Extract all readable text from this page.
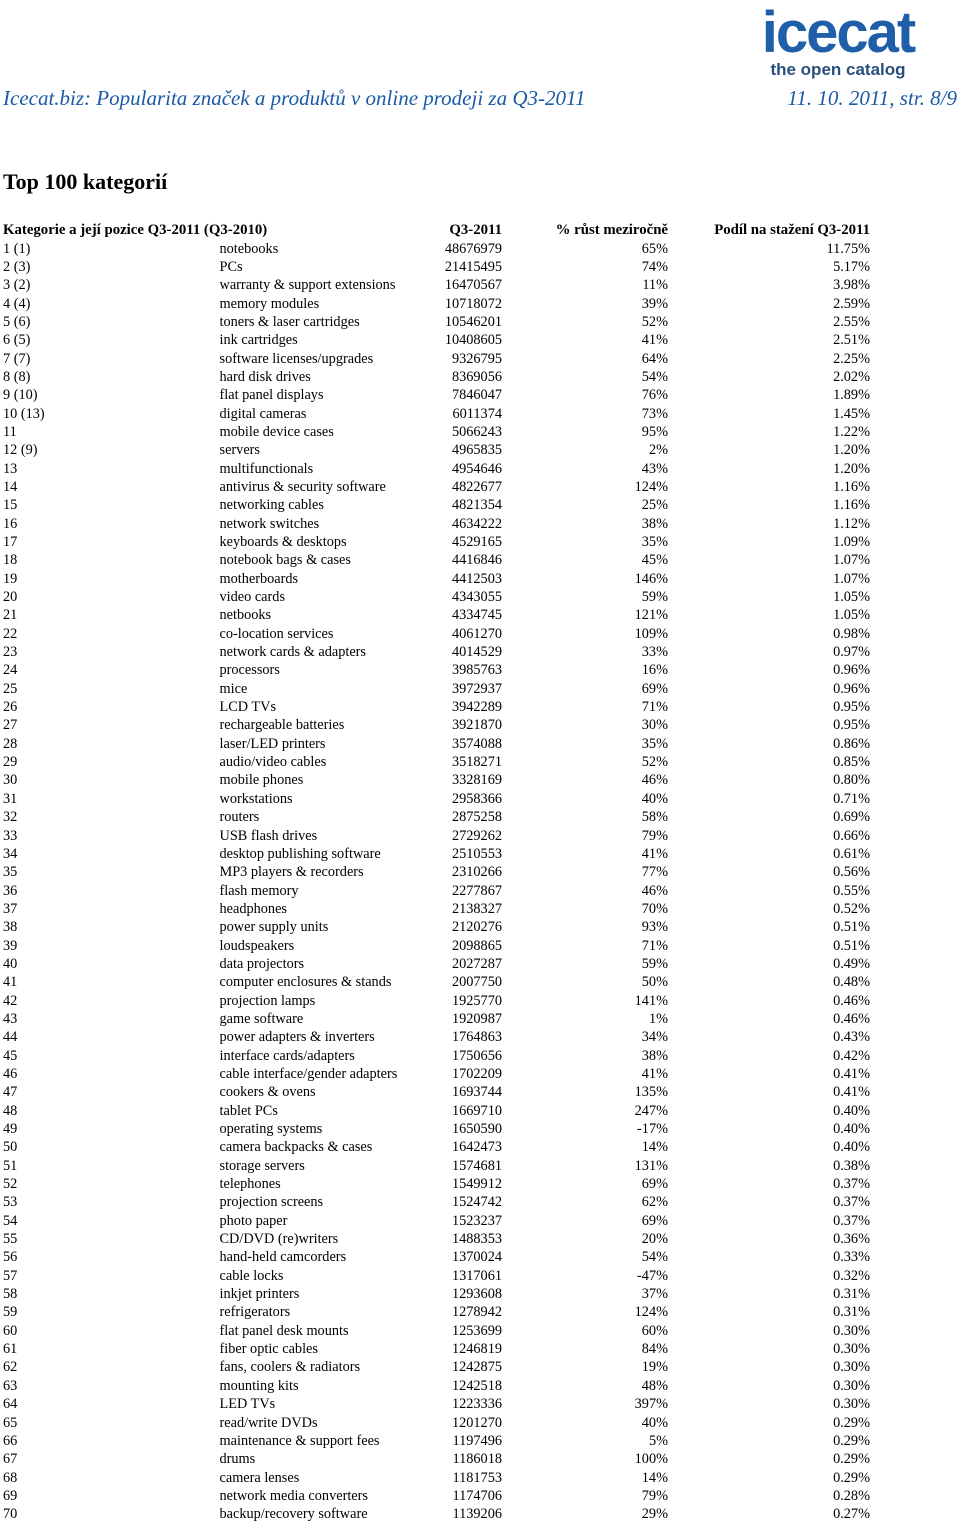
icecat
the open catalog
Icecat.biz: Popularita značek a produktů v online prodeji za Q3-2011	11. 10. 2011, str. 8/9
Top 100 kategorií
Kategorie a její pozice Q3-2011 (Q3-2010)		Q3-2011	% růst meziročně	Podíl na stažení Q3-2011

1 (1)	notebooks	48676979	65%	11.75%
2 (3)	PCs	21415495	74%	5.17%
3 (2)	warranty & support extensions	16470567	11%	3.98%
4 (4)	memory modules	10718072	39%	2.59%
5 (6)	toners & laser cartridges	10546201	52%	2.55%
6 (5)	ink cartridges	10408605	41%	2.51%
7 (7)	software licenses/upgrades	9326795	64%	2.25%
8 (8)	hard disk drives	8369056	54%	2.02%
9 (10)	flat panel displays	7846047	76%	1.89%
10 (13)	digital cameras	6011374	73%	1.45%
11	mobile device cases	5066243	95%	1.22%
12 (9)	servers	4965835	2%	1.20%
13	multifunctionals	4954646	43%	1.20%
14	antivirus & security software	4822677	124%	1.16%
15	networking cables	4821354	25%	1.16%
16	network switches	4634222	38%	1.12%
17	keyboards & desktops	4529165	35%	1.09%
18	notebook bags & cases	4416846	45%	1.07%
19	motherboards	4412503	146%	1.07%
20	video cards	4343055	59%	1.05%
21	netbooks	4334745	121%	1.05%
22	co-location services	4061270	109%	0.98%
23	network cards & adapters	4014529	33%	0.97%
24	processors	3985763	16%	0.96%
25	mice	3972937	69%	0.96%
26	LCD TVs	3942289	71%	0.95%
27	rechargeable batteries	3921870	30%	0.95%
28	laser/LED printers	3574088	35%	0.86%
29	audio/video cables	3518271	52%	0.85%
30	mobile phones	3328169	46%	0.80%
31	workstations	2958366	40%	0.71%
32	routers	2875258	58%	0.69%
33	USB flash drives	2729262	79%	0.66%
34	desktop publishing software	2510553	41%	0.61%
35	MP3 players & recorders	2310266	77%	0.56%
36	flash memory	2277867	46%	0.55%
37	headphones	2138327	70%	0.52%
38	power supply units	2120276	93%	0.51%
39	loudspeakers	2098865	71%	0.51%
40	data projectors	2027287	59%	0.49%
41	computer enclosures & stands	2007750	50%	0.48%
42	projection lamps	1925770	141%	0.46%
43	game software	1920987	1%	0.46%
44	power adapters & inverters	1764863	34%	0.43%
45	interface cards/adapters	1750656	38%	0.42%
46	cable interface/gender adapters	1702209	41%	0.41%
47	cookers & ovens	1693744	135%	0.41%
48	tablet PCs	1669710	247%	0.40%
49	operating systems	1650590	-17%	0.40%
50	camera backpacks & cases	1642473	14%	0.40%
51	storage servers	1574681	131%	0.38%
52	telephones	1549912	69%	0.37%
53	projection screens	1524742	62%	0.37%
54	photo paper	1523237	69%	0.37%
55	CD/DVD (re)writers	1488353	20%	0.36%
56	hand-held camcorders	1370024	54%	0.33%
57	cable locks	1317061	-47%	0.32%
58	inkjet printers	1293608	37%	0.31%
59	refrigerators	1278942	124%	0.31%
60	flat panel desk mounts	1253699	60%	0.30%
61	fiber optic cables	1246819	84%	0.30%
62	fans, coolers & radiators	1242875	19%	0.30%
63	mounting kits	1242518	48%	0.30%
64	LED TVs	1223336	397%	0.30%
65	read/write DVDs	1201270	40%	0.29%
66	maintenance & support fees	1197496	5%	0.29%
67	drums	1186018	100%	0.29%
68	camera lenses	1181753	14%	0.29%
69	network media converters	1174706	79%	0.28%
70	backup/recovery software	1139206	29%	0.27%
